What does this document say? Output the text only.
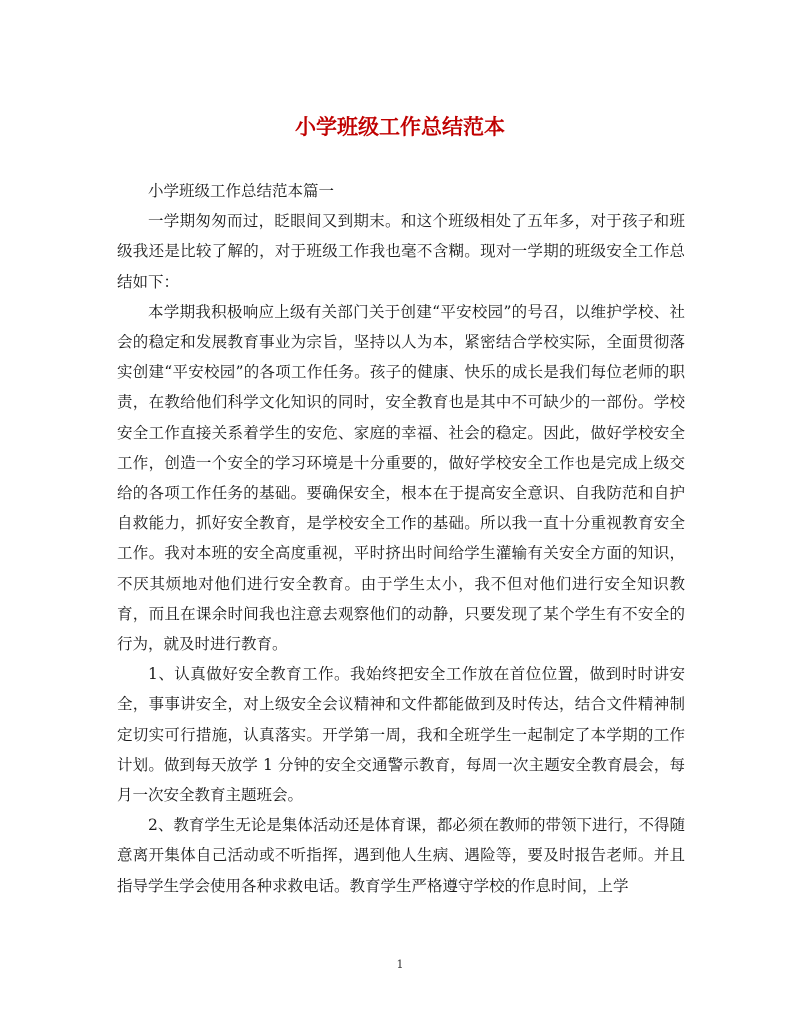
小学班级工作总结范本

小学班级工作总结范本篇一

一学期匆匆而过，眨眼间又到期末。和这个班级相处了五年多，对于孩子和班级我还是比较了解的，对于班级工作我也毫不含糊。现对一学期的班级安全工作总结如下：

本学期我积极响应上级有关部门关于创建“平安校园”的号召，以维护学校、社会的稳定和发展教育事业为宗旨，坚持以人为本，紧密结合学校实际，全面贯彻落实创建“平安校园”的各项工作任务。孩子的健康、快乐的成长是我们每位老师的职责，在教给他们科学文化知识的同时，安全教育也是其中不可缺少的一部份。学校安全工作直接关系着学生的安危、家庭的幸福、社会的稳定。因此，做好学校安全工作，创造一个安全的学习环境是十分重要的，做好学校安全工作也是完成上级交给的各项工作任务的基础。要确保安全，根本在于提高安全意识、自我防范和自护自救能力，抓好安全教育，是学校安全工作的基础。所以我一直十分重视教育安全工作。我对本班的安全高度重视，平时挤出时间给学生灌输有关安全方面的知识，不厌其烦地对他们进行安全教育。由于学生太小，我不但对他们进行安全知识教育，而且在课余时间我也注意去观察他们的动静，只要发现了某个学生有不安全的行为，就及时进行教育。

1、认真做好安全教育工作。我始终把安全工作放在首位位置，做到时时讲安全，事事讲安全，对上级安全会议精神和文件都能做到及时传达，结合文件精神制定切实可行措施，认真落实。开学第一周，我和全班学生一起制定了本学期的工作计划。做到每天放学 1 分钟的安全交通警示教育，每周一次主题安全教育晨会，每月一次安全教育主题班会。

2、教育学生无论是集体活动还是体育课，都必须在教师的带领下进行，不得随意离开集体自己活动或不听指挥，遇到他人生病、遇险等，要及时报告老师。并且指导学生学会使用各种求救电话。教育学生严格遵守学校的作息时间，上学

1
